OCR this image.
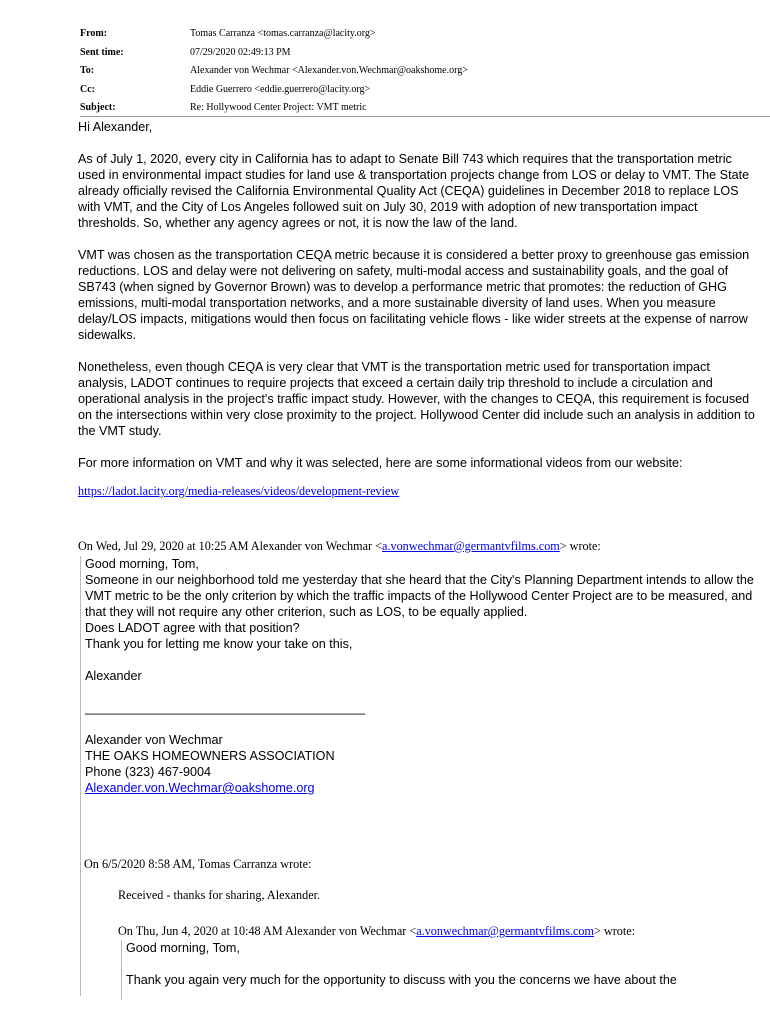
From:	Tomas Carranza <tomas.carranza@lacity.org>
Sent time:	07/29/2020 02:49:13 PM
To:	Alexander von Wechmar <Alexander.von.Wechmar@oakshome.org>
Cc:	Eddie Guerrero <eddie.guerrero@lacity.org>
Subject:	Re: Hollywood Center Project: VMT metric

Hi Alexander,

As of July 1, 2020, every city in California has to adapt to Senate Bill 743 which requires that the transportation metric used in environmental impact studies for land use & transportation projects change from LOS or delay to VMT. The State already officially revised the California Environmental Quality Act (CEQA) guidelines in December 2018 to replace LOS with VMT, and the City of Los Angeles followed suit on July 30, 2019 with adoption of new transportation impact thresholds. So, whether any agency agrees or not, it is now the law of the land.

VMT was chosen as the transportation CEQA metric because it is considered a better proxy to greenhouse gas emission reductions. LOS and delay were not delivering on safety, multi-modal access and sustainability goals, and the goal of SB743 (when signed by Governor Brown) was to develop a performance metric that promotes: the reduction of GHG emissions, multi-modal transportation networks, and a more sustainable diversity of land uses. When you measure delay/LOS impacts, mitigations would then focus on facilitating vehicle flows - like wider streets at the expense of narrow sidewalks.

Nonetheless, even though CEQA is very clear that VMT is the transportation metric used for transportation impact analysis, LADOT continues to require projects that exceed a certain daily trip threshold to include a circulation and operational analysis in the project's traffic impact study. However, with the changes to CEQA, this requirement is focused on the intersections within very close proximity to the project. Hollywood Center did include such an analysis in addition to the VMT study.

For more information on VMT and why it was selected, here are some informational videos from our website:

https://ladot.lacity.org/media-releases/videos/development-review

On Wed, Jul 29, 2020 at 10:25 AM Alexander von Wechmar <a.vonwechmar@germantvfilms.com> wrote:
Good morning, Tom,
Someone in our neighborhood told me yesterday that she heard that the City's Planning Department intends to allow the VMT metric to be the only criterion by which the traffic impacts of the Hollywood Center Project are to be measured, and that they will not require any other criterion, such as LOS, to be equally applied.
Does LADOT agree with that position?
Thank you for letting me know your take on this,
Alexander
________________________________________
Alexander von Wechmar
THE OAKS HOMEOWNERS ASSOCIATION
Phone (323) 467-9004
Alexander.von.Wechmar@oakshome.org
On 6/5/2020 8:58 AM, Tomas Carranza wrote:
Received - thanks for sharing, Alexander.
On Thu, Jun 4, 2020 at 10:48 AM Alexander von Wechmar <a.vonwechmar@germantvfilms.com> wrote:
Good morning, Tom,
Thank you again very much for the opportunity to discuss with you the concerns we have about the
